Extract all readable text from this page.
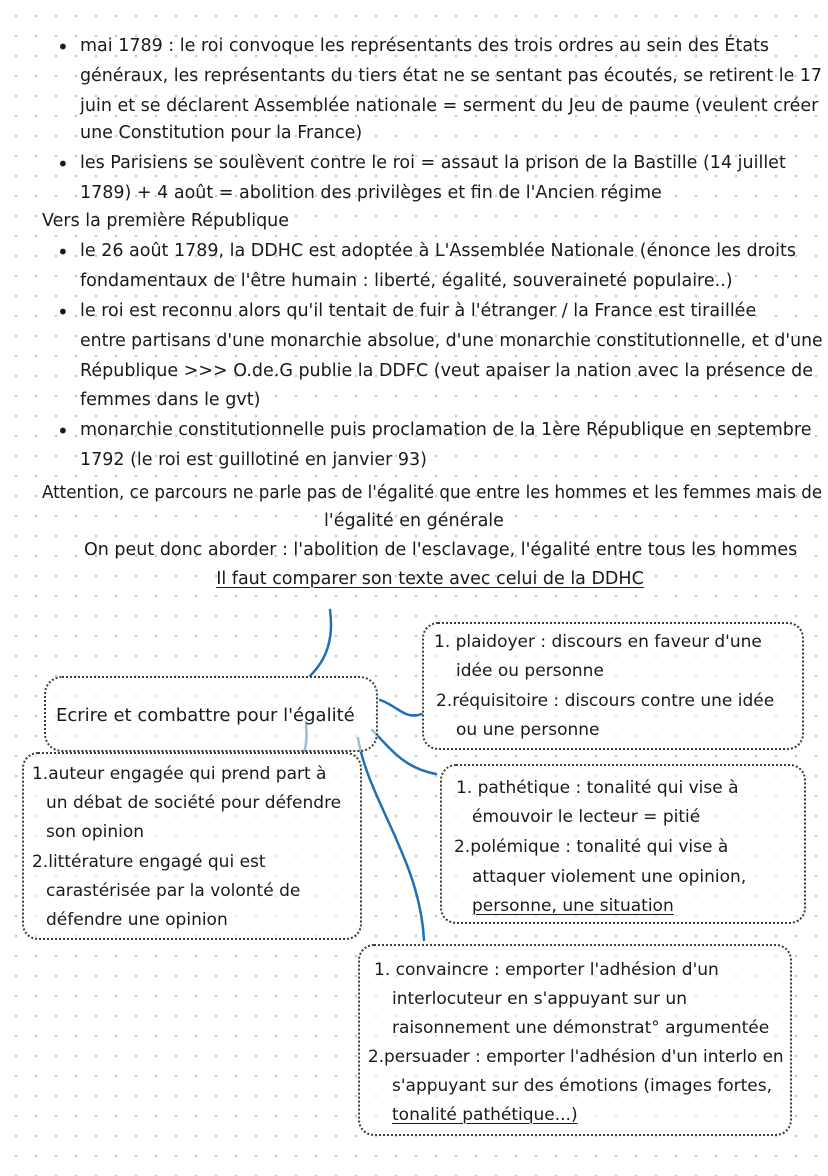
• mai 1789 : le roi convoque les représentants des trois ordres au sein des États
généraux, les représentants du tiers état ne se sentant pas écoutés, se retirent le 17
juin et se déclarent Assemblée nationale = serment du Jeu de paume (veulent créer
une Constitution pour la France)
• les Parisiens se soulèvent contre le roi = assaut la prison de la Bastille (14 juillet
1789) + 4 août = abolition des privilèges et fin de l'Ancien régime
Vers la première République
• le 26 août 1789, la DDHC est adoptée à L'Assemblée Nationale (énonce les droits
fondamentaux de l'être humain : liberté, égalité, souveraineté populaire..)
• le roi est reconnu alors qu'il tentait de fuir à l'étranger / la France est tiraillée
entre partisans d'une monarchie absolue, d'une monarchie constitutionnelle, et d'une
République >>> O.de.G publie la DDFC (veut apaiser la nation avec la présence de
femmes dans le gvt)
• monarchie constitutionnelle puis proclamation de la 1ère République en septembre
1792 (le roi est guillotiné en janvier 93)
Attention, ce parcours ne parle pas de l'égalité que entre les hommes et les femmes mais de
l'égalité en générale
On peut donc aborder : l'abolition de l'esclavage, l'égalité entre tous les hommes
Il faut comparer son texte avec celui de la DDHC
Ecrire et combattre pour l'égalité
1. plaidoyer : discours en faveur d'une
idée ou personne
2.réquisitoire : discours contre une idée
ou une personne
1.auteur engagée qui prend part à
un débat de société pour défendre
son opinion
2.littérature engagé qui est
carastérisée par la volonté de
défendre une opinion
1. pathétique : tonalité qui vise à
émouvoir le lecteur = pitié
2.polémique : tonalité qui vise à
attaquer violement une opinion,
personne, une situation
1. convaincre : emporter l'adhésion d'un
interlocuteur en s'appuyant sur un
raisonnement une démonstrat° argumentée
2.persuader : emporter l'adhésion d'un interlo en
s'appuyant sur des émotions (images fortes,
tonalité pathétique...)
